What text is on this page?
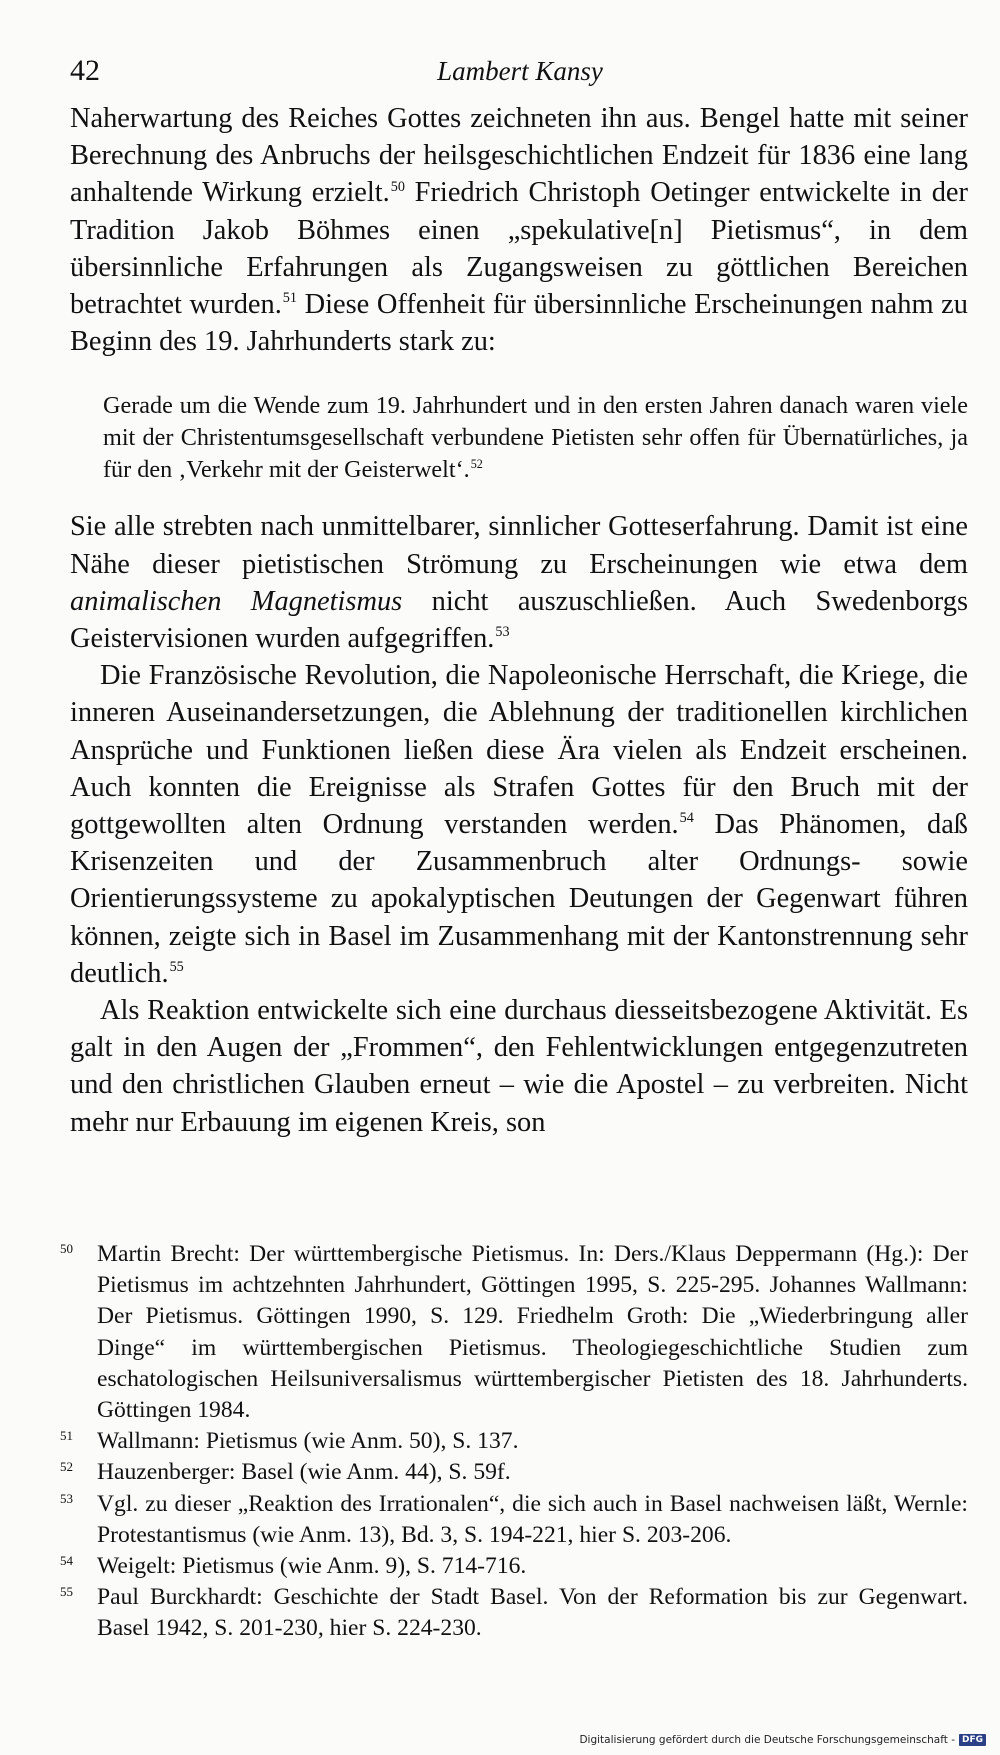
42	Lambert Kansy

Naherwartung des Reiches Gottes zeichneten ihn aus. Bengel hatte mit seiner Berechnung des Anbruchs der heilsgeschichtlichen Endzeit für 1836 eine lang anhaltende Wirkung erzielt.$^{50}$ Friedrich Christoph Oetinger entwickelte in der Tradition Jakob Böhmes einen „spekulative[n] Pietismus“, in dem übersinnliche Erfahrungen als Zugangsweisen zu göttlichen Bereichen betrachtet wurden.$^{51}$ Diese Offenheit für übersinnliche Erscheinungen nahm zu Beginn des 19. Jahrhunderts stark zu:

Gerade um die Wende zum 19. Jahrhundert und in den ersten Jahren danach waren viele mit der Christentumsgesellschaft verbundene Pietisten sehr offen für Übernatürliches, ja für den ‚Verkehr mit der Geisterwelt‘.$^{52}$

Sie alle strebten nach unmittelbarer, sinnlicher Gotteserfahrung. Damit ist eine Nähe dieser pietistischen Strömung zu Erscheinungen wie etwa dem animalischen Magnetismus nicht auszuschließen. Auch Swedenborgs Geistervisionen wurden aufgegriffen.$^{53}$

Die Französische Revolution, die Napoleonische Herrschaft, die Kriege, die inneren Auseinandersetzungen, die Ablehnung der traditionellen kirchlichen Ansprüche und Funktionen ließen diese Ära vielen als Endzeit erscheinen. Auch konnten die Ereignisse als Strafen Gottes für den Bruch mit der gottgewollten alten Ordnung verstanden werden.$^{54}$ Das Phänomen, daß Krisenzeiten und der Zusammenbruch alter Ordnungs- sowie Orientierungssysteme zu apokalyptischen Deutungen der Gegenwart führen können, zeigte sich in Basel im Zusammenhang mit der Kantonstrennung sehr deutlich.$^{55}$

Als Reaktion entwickelte sich eine durchaus diesseitsbezogene Aktivität. Es galt in den Augen der „Frommen“, den Fehlentwicklungen entgegenzutreten und den christlichen Glauben erneut – wie die Apostel – zu verbreiten. Nicht mehr nur Erbauung im eigenen Kreis, son

50 Martin Brecht: Der württembergische Pietismus. In: Ders./Klaus Deppermann (Hg.): Der Pietismus im achtzehnten Jahrhundert, Göttingen 1995, S. 225-295. Johannes Wallmann: Der Pietismus. Göttingen 1990, S. 129. Friedhelm Groth: Die „Wiederbringung aller Dinge“ im württembergischen Pietismus. Theologiegeschichtliche Studien zum eschatologischen Heilsuniversalismus württembergischer Pietisten des 18. Jahrhunderts. Göttingen 1984.
51 Wallmann: Pietismus (wie Anm. 50), S. 137.
52 Hauzenberger: Basel (wie Anm. 44), S. 59f.
53 Vgl. zu dieser „Reaktion des Irrationalen“, die sich auch in Basel nachweisen läßt, Wernle: Protestantismus (wie Anm. 13), Bd. 3, S. 194-221, hier S. 203-206.
54 Weigelt: Pietismus (wie Anm. 9), S. 714-716.
55 Paul Burckhardt: Geschichte der Stadt Basel. Von der Reformation bis zur Gegenwart. Basel 1942, S. 201-230, hier S. 224-230.
Digitalisierung gefördert durch die Deutsche Forschungsgemeinschaft - DFG
